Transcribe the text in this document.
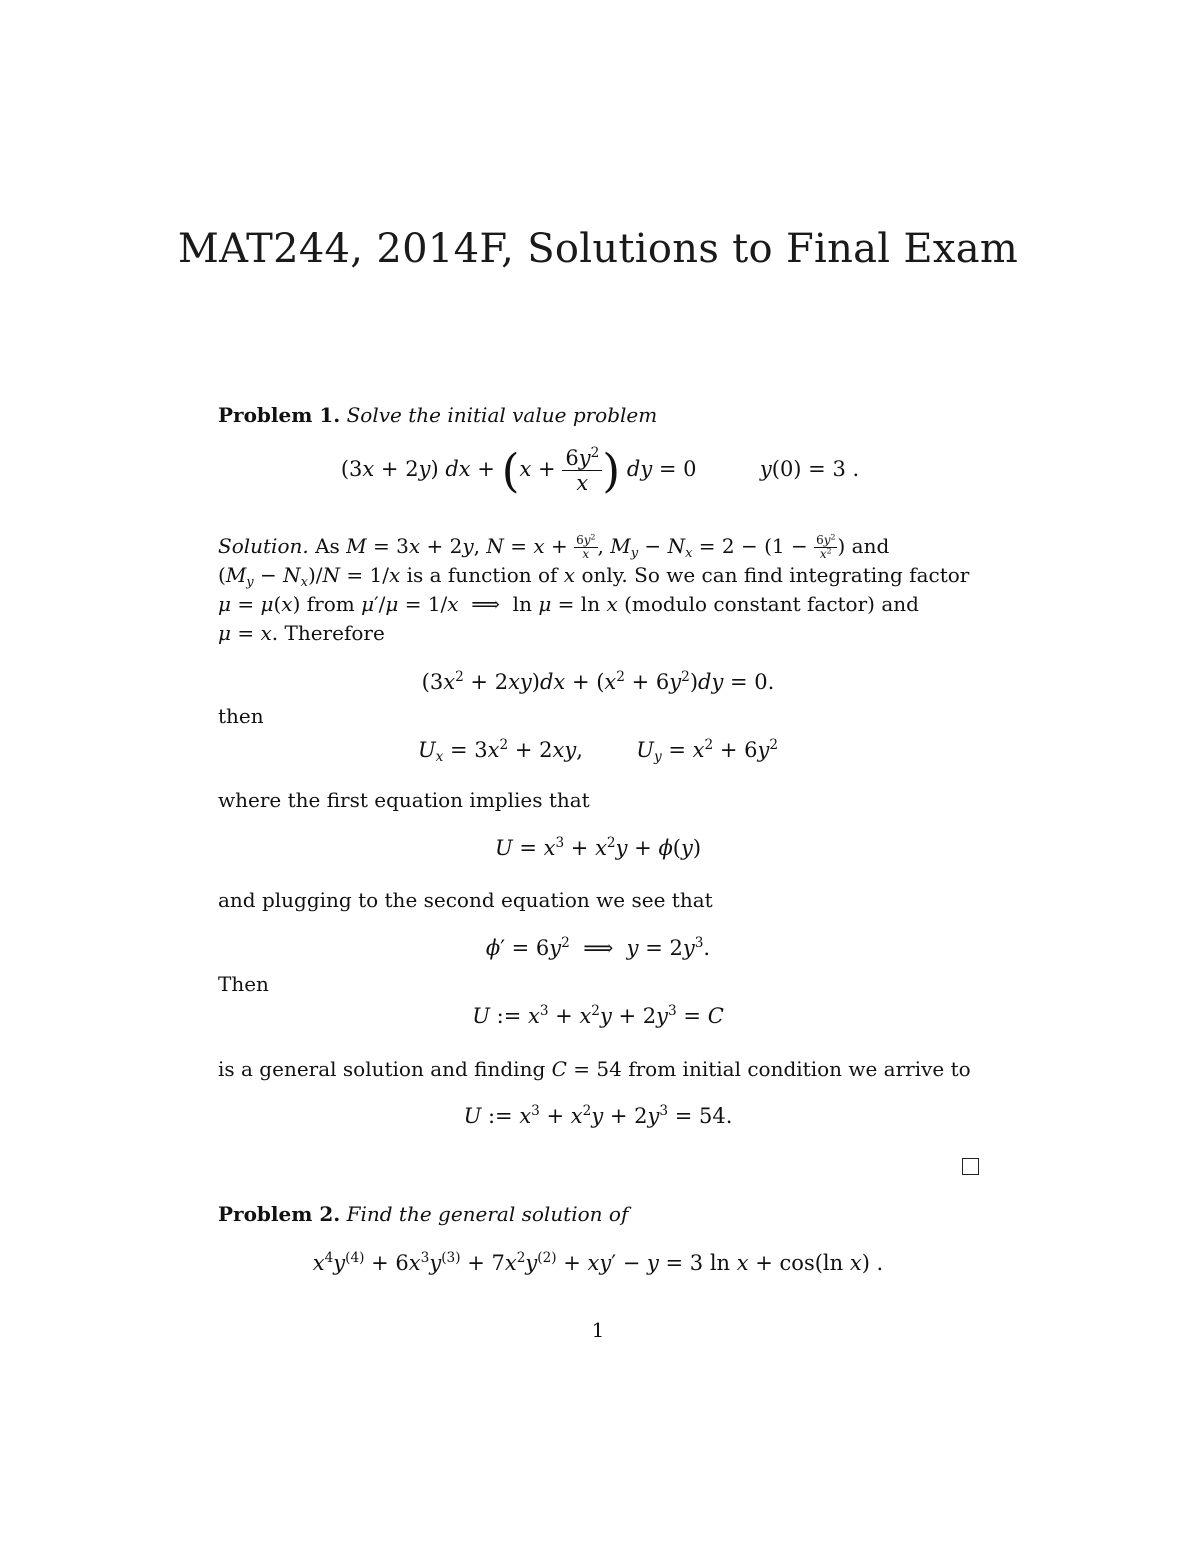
MAT244, 2014F, Solutions to Final Exam
Problem 1. Solve the initial value problem
(3x + 2y) dx + ($x + \frac{6y^2}{x}$ ) dy = 0	y(0) = 3 .
Solution. As M = 3x + 2y, $N = x + \frac{6y^2}{x}$, $M_y - N_x = 2 - (1 - \frac{6y^2}{x^2})$ and
$(M_y - N_x)/N = 1/x$ is a function of x only. So we can find integrating factor
μ = μ(x) from μ′/μ = 1/x  ⟹  ln μ = ln x (modulo constant factor) and
μ = x. Therefore
$(3x^2 + 2xy)dx + (x^2 + 6y^2)dy = 0$.
then
$U_x = 3x^2 + 2xy$,  $U_y = x^2 + 6y^2$
where the first equation implies that
$U = x^3 + x^2y + \phi(y)$
and plugging to the second equation we see that
$\phi' = 6y^2$  ⟹  $y = 2y^3$.
Then
U := $x^3 + x^2y + 2y^3 = C$
is a general solution and finding C = 54 from initial condition we arrive to
U := $x^3 + x^2y + 2y^3 = 54$.
Problem 2. Find the general solution of
$x^4y^{(4)} + 6x^3y^{(3)} + 7x^2y^{(2)} + xy' - y = 3$ ln x + cos(ln x) .
1
